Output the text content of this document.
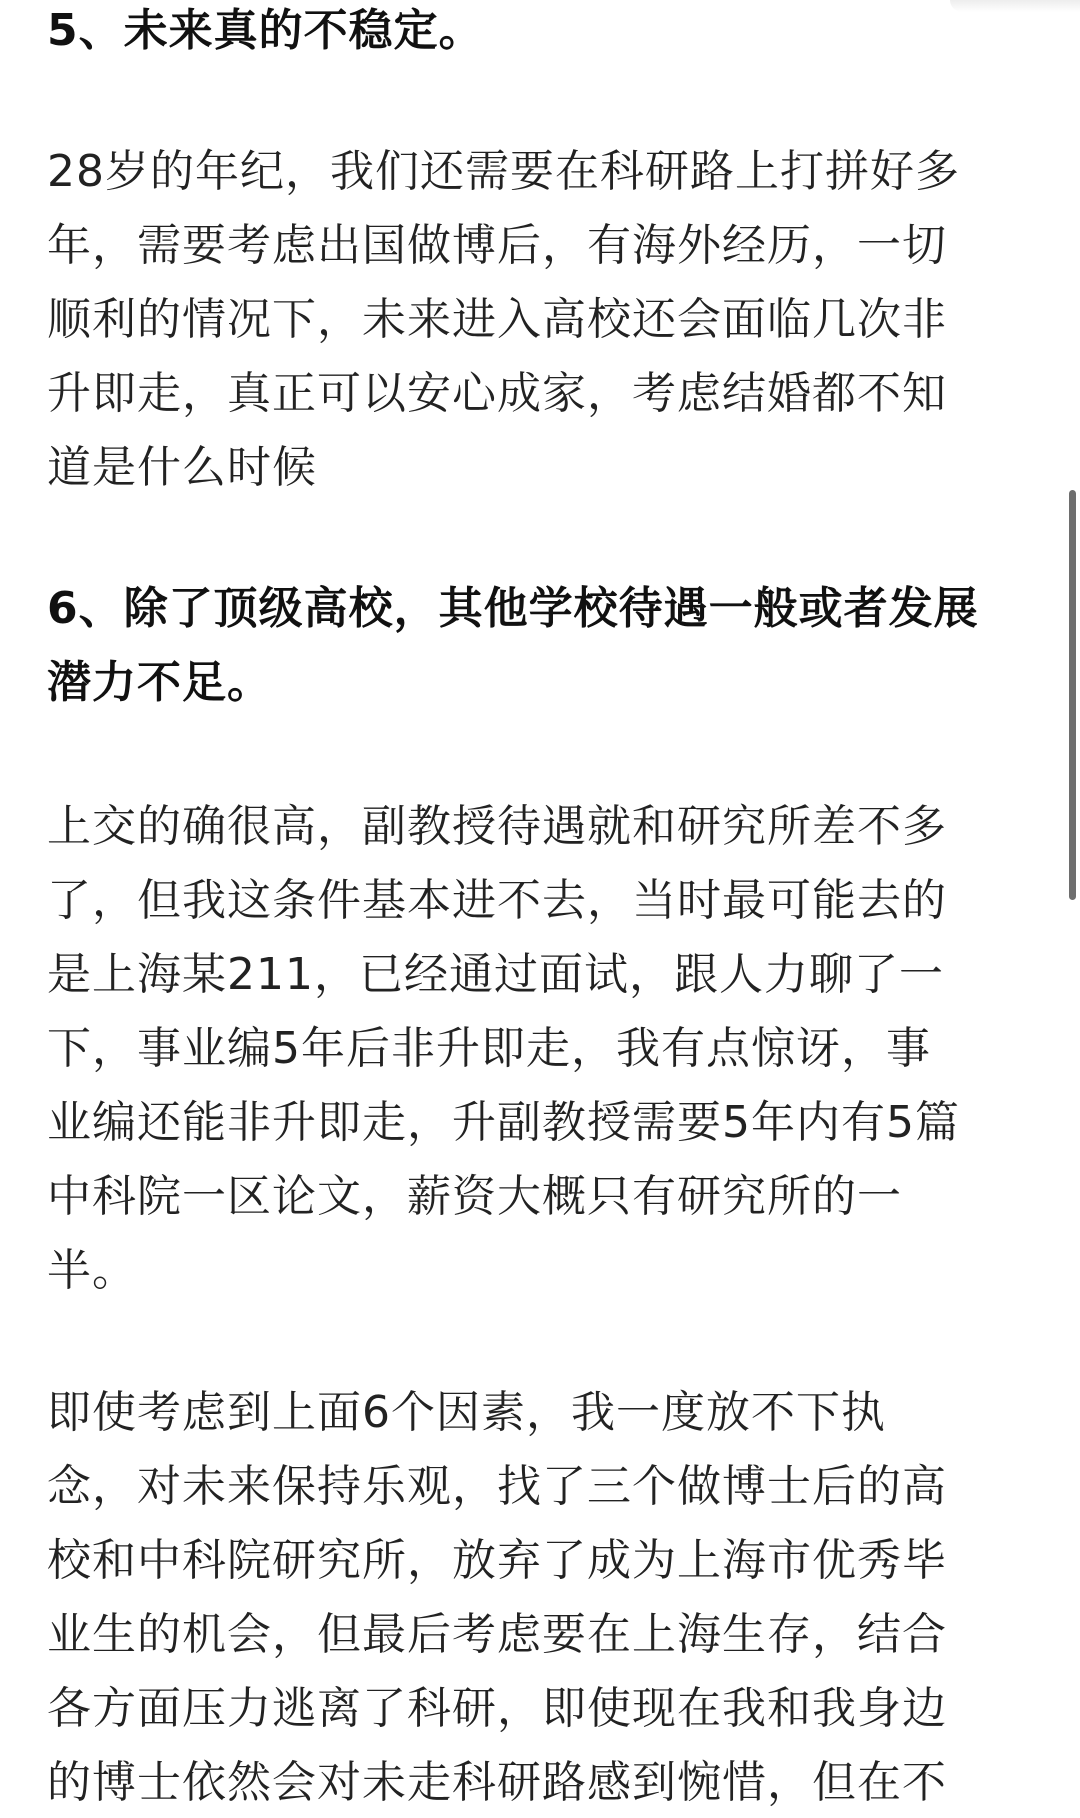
5、未来真的不稳定。

28岁的年纪，我们还需要在科研路上打拼好多
年，需要考虑出国做博后，有海外经历，一切
顺利的情况下，未来进入高校还会面临几次非
升即走，真正可以安心成家，考虑结婚都不知
道是什么时候

6、除了顶级高校，其他学校待遇一般或者发展
潜力不足。

上交的确很高，副教授待遇就和研究所差不多
了，但我这条件基本进不去，当时最可能去的
是上海某211，已经通过面试，跟人力聊了一
下，事业编5年后非升即走，我有点惊讶，事
业编还能非升即走，升副教授需要5年内有5篇
中科院一区论文，薪资大概只有研究所的一
半。

即使考虑到上面6个因素，我一度放不下执
念，对未来保持乐观，找了三个做博士后的高
校和中科院研究所，放弃了成为上海市优秀毕
业生的机会，但最后考虑要在上海生存，结合
各方面压力逃离了科研，即使现在我和我身边
的博士依然会对未走科研路感到惋惜，但在不
